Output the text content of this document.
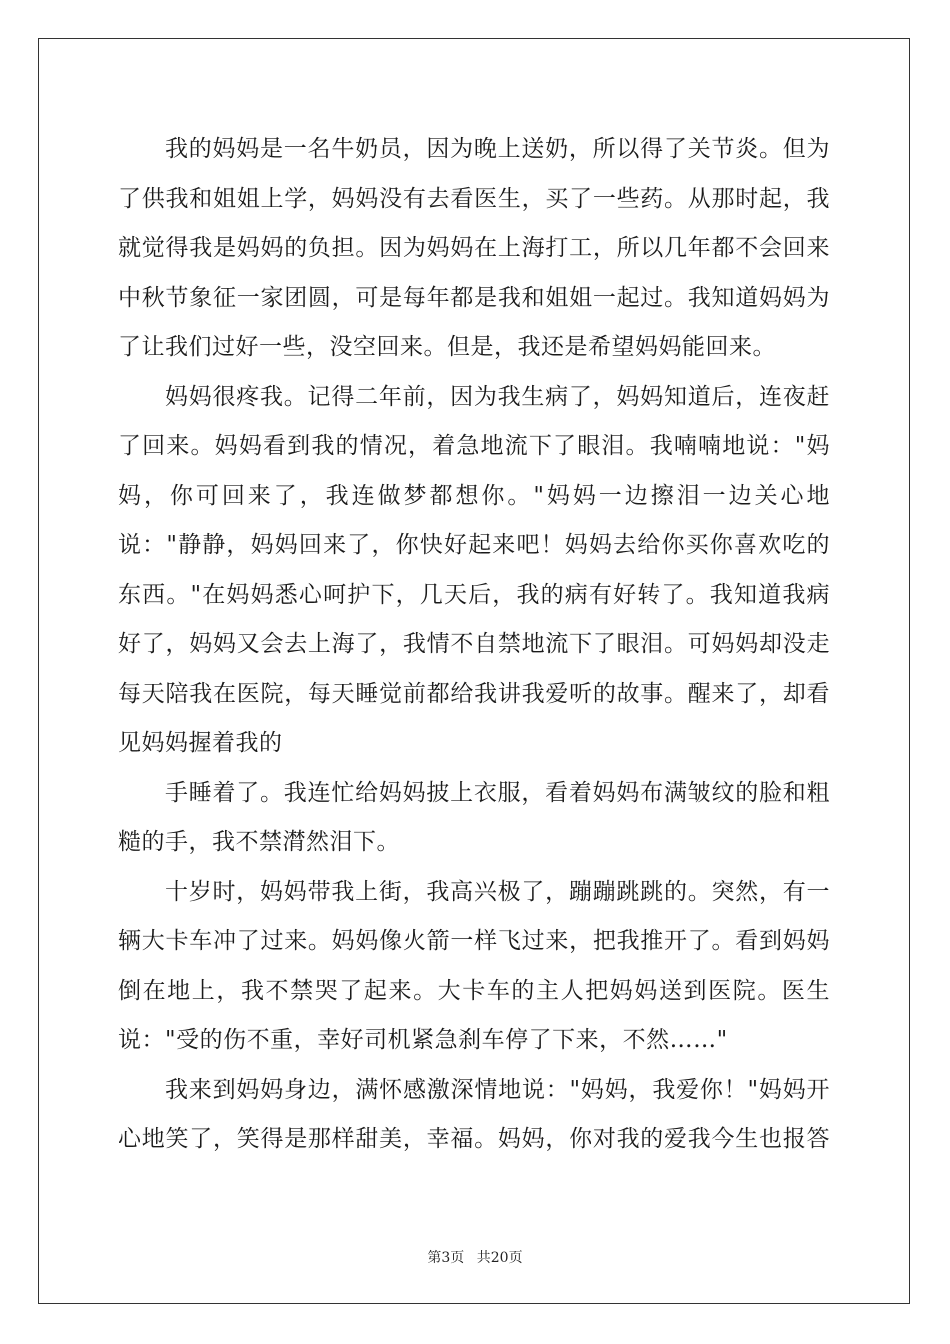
我的妈妈是一名牛奶员，因为晚上送奶，所以得了关节炎。但为
了供我和姐姐上学，妈妈没有去看医生，买了一些药。从那时起，我
就觉得我是妈妈的负担。因为妈妈在上海打工，所以几年都不会回来
中秋节象征一家团圆，可是每年都是我和姐姐一起过。我知道妈妈为
了让我们过好一些，没空回来。但是，我还是希望妈妈能回来。
妈妈很疼我。记得二年前，因为我生病了，妈妈知道后，连夜赶
了回来。妈妈看到我的情况，着急地流下了眼泪。我喃喃地说："妈
妈，你可回来了，我连做梦都想你。"妈妈一边擦泪一边关心地
说："静静，妈妈回来了，你快好起来吧！妈妈去给你买你喜欢吃的
东西。"在妈妈悉心呵护下，几天后，我的病有好转了。我知道我病
好了，妈妈又会去上海了，我情不自禁地流下了眼泪。可妈妈却没走
每天陪我在医院，每天睡觉前都给我讲我爱听的故事。醒来了，却看
见妈妈握着我的
手睡着了。我连忙给妈妈披上衣服，看着妈妈布满皱纹的脸和粗
糙的手，我不禁潸然泪下。
十岁时，妈妈带我上街，我高兴极了，蹦蹦跳跳的。突然，有一
辆大卡车冲了过来。妈妈像火箭一样飞过来，把我推开了。看到妈妈
倒在地上，我不禁哭了起来。大卡车的主人把妈妈送到医院。医生
说："受的伤不重，幸好司机紧急刹车停了下来，不然……"
我来到妈妈身边，满怀感激深情地说："妈妈，我爱你！"妈妈开
心地笑了，笑得是那样甜美，幸福。妈妈，你对我的爱我今生也报答
第3页 共20页
